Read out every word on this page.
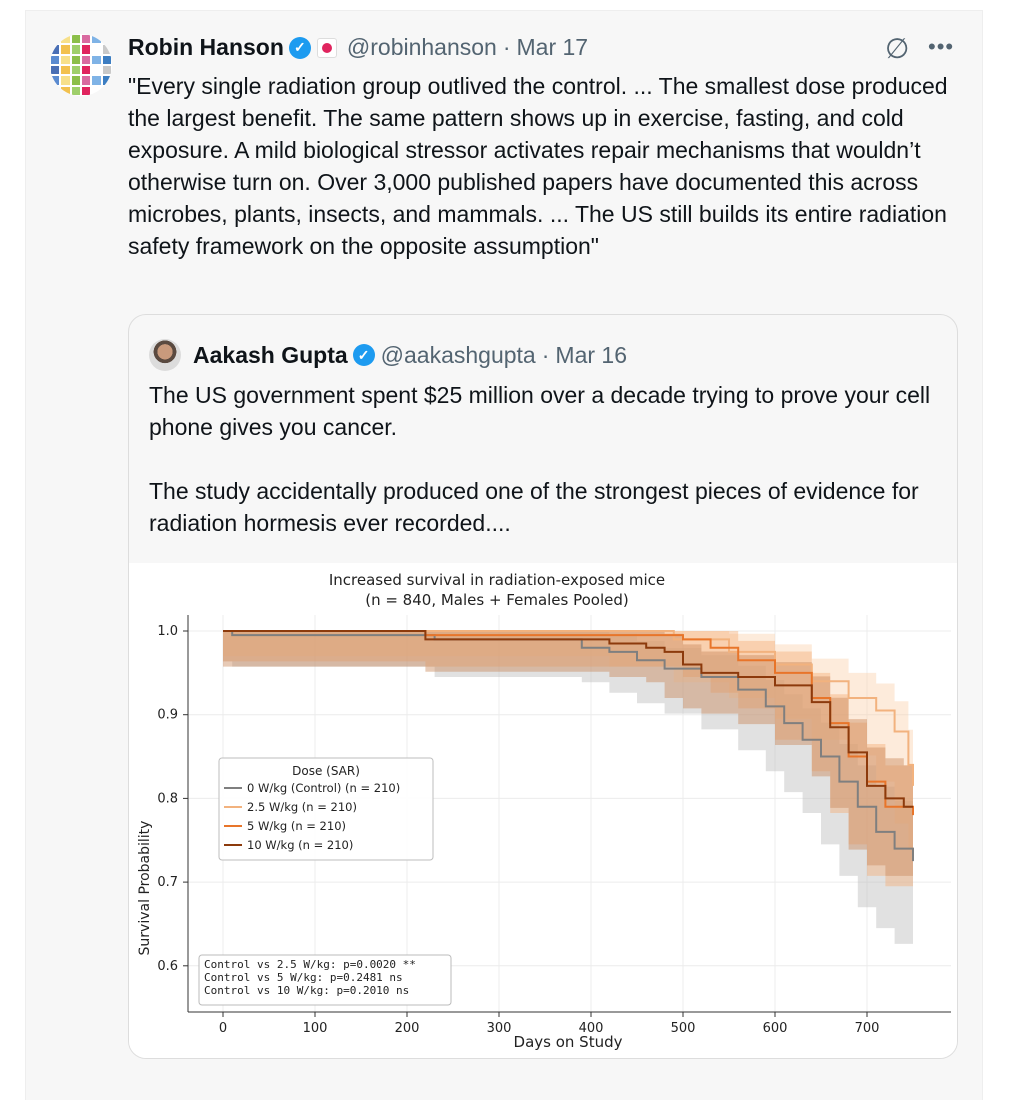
Robin Hanson ✓ @robinhanson · Mar 17	∅ •••
"Every single radiation group outlived the control. ... The smallest dose produced the largest benefit. The same pattern shows up in exercise, fasting, and cold exposure. A mild biological stressor activates repair mechanisms that wouldn’t otherwise turn on. Over 3,000 published papers have documented this across microbes, plants, insects, and mammals. ... The US still builds its entire radiation safety framework on the opposite assumption"
Aakash Gupta ✓ @aakashgupta · Mar 16
The US government spent $25 million over a decade trying to prove your cell phone gives you cancer.
The study accidentally produced one of the strongest pieces of evidence for radiation hormesis ever recorded....
Increased survival in radiation-exposed mice
(n = 840, Males + Females Pooled)
Survival Probability
Days on Study
0	100	200	300	400	500	600	700
0.6
0.7
0.8
0.9
1.0
Dose (SAR)
0 W/kg (Control) (n = 210)
2.5 W/kg (n = 210)
5 W/kg (n = 210)
10 W/kg (n = 210)
Control vs 2.5 W/kg: p=0.0020 **
Control vs 5 W/kg: p=0.2481 ns
Control vs 10 W/kg: p=0.2010 ns
